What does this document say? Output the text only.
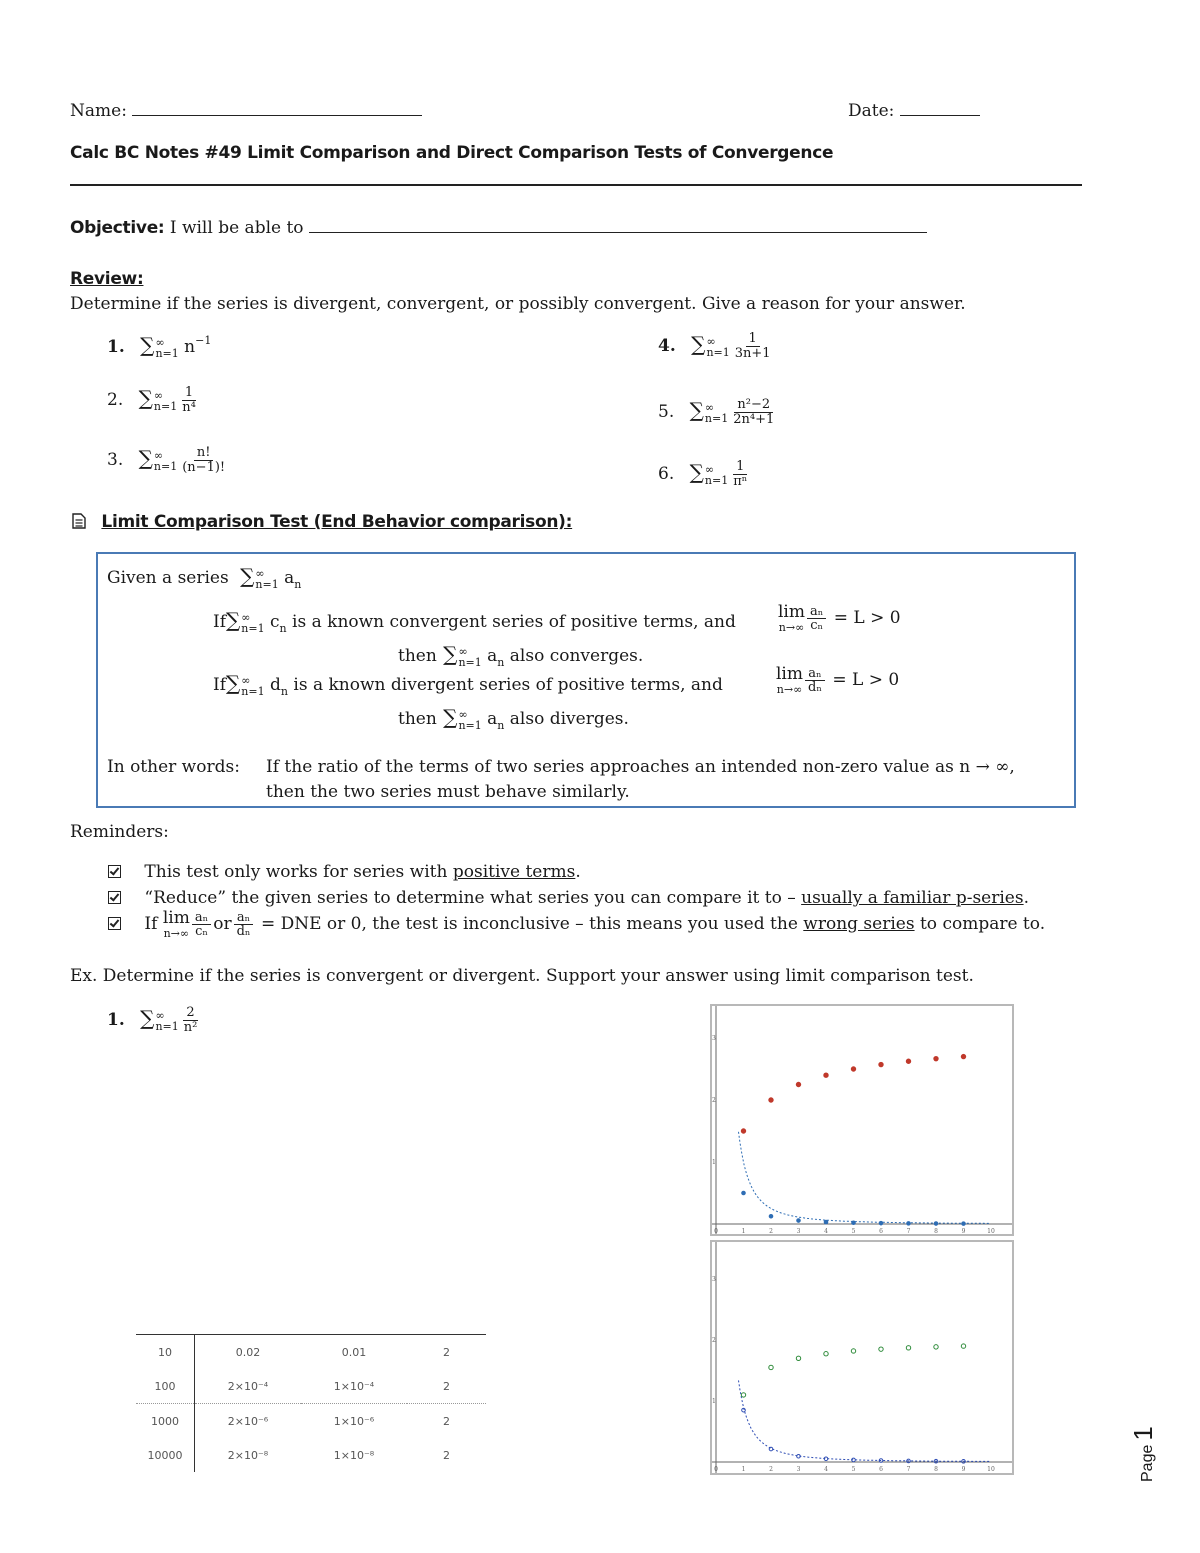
Name:	Date:
Calc BC Notes #49 Limit Comparison and Direct Comparison Tests of Convergence
Objective: I will be able to
Review:
Determine if the series is divergent, convergent, or possibly convergent. Give a reason for your answer.
1. ∑ ∞
n=1 $n^{-1}$
2. ∑ ∞
$n=1 \frac{1}{\text{n⁴}}$
3. ∑ ∞
$n=1 \frac{n!}{(n-1)!}$
4. ∑ ∞
$n=1 \frac{1}{3n+1}$
5. ∑ ∞
$n=1 \frac{\text{n²−2}}{\text{2n⁴+1}}$
6. ∑ ∞
$n=1 \frac{1}{\text{πⁿ}}$
Limit Comparison Test (End Behavior comparison):
Given a series ∑ ∞
n=1 $a_n$
If∑ ∞
n=1 $c_n$ is a known convergent series of positive terms, and lim
$n\to\infty \frac{\text{aₙ}}{\text{cₙ}} = L > 0$
then ∑ ∞
n=1 $a_n$ also converges.
If∑ ∞
n=1 $d_n$ is a known divergent series of positive terms, and
lim
$n\to\infty \frac{\text{aₙ}}{\text{dₙ}} = L > 0$
then ∑ ∞
n=1 $a_n$ also diverges.
In other words: If the ratio of the terms of two series approaches an intended non-zero value as n → ∞,
then the two series must behave similarly.
Reminders:
This test only works for series with positive terms.
“Reduce” the given series to determine what series you can compare it to – usually a familiar p-series.
If lim
$n\to\infty \frac{\text{aₙ}}{\text{cₙ}}$ or $\frac{\text{aₙ}}{\text{dₙ}}$ = DNE or 0, the test is inconclusive – this means you used the wrong series to compare to.
Ex. Determine if the series is convergent or divergent. Support your answer using limit comparison test.
1. ∑ ∞
$n=1 \frac{2}{\text{n²}}$
10	0.02	0.01	2
100	2×10⁻⁴	1×10⁻⁴	2
1000	2×10⁻⁶	1×10⁻⁶	2
10000	2×10⁻⁸	1×10⁻⁸	2
0	1	2	3	4	5	6	7	8	9	10
1
2
3
0	1	2	3	4	5	6	7	8	9	10
1
2
3
Page1
